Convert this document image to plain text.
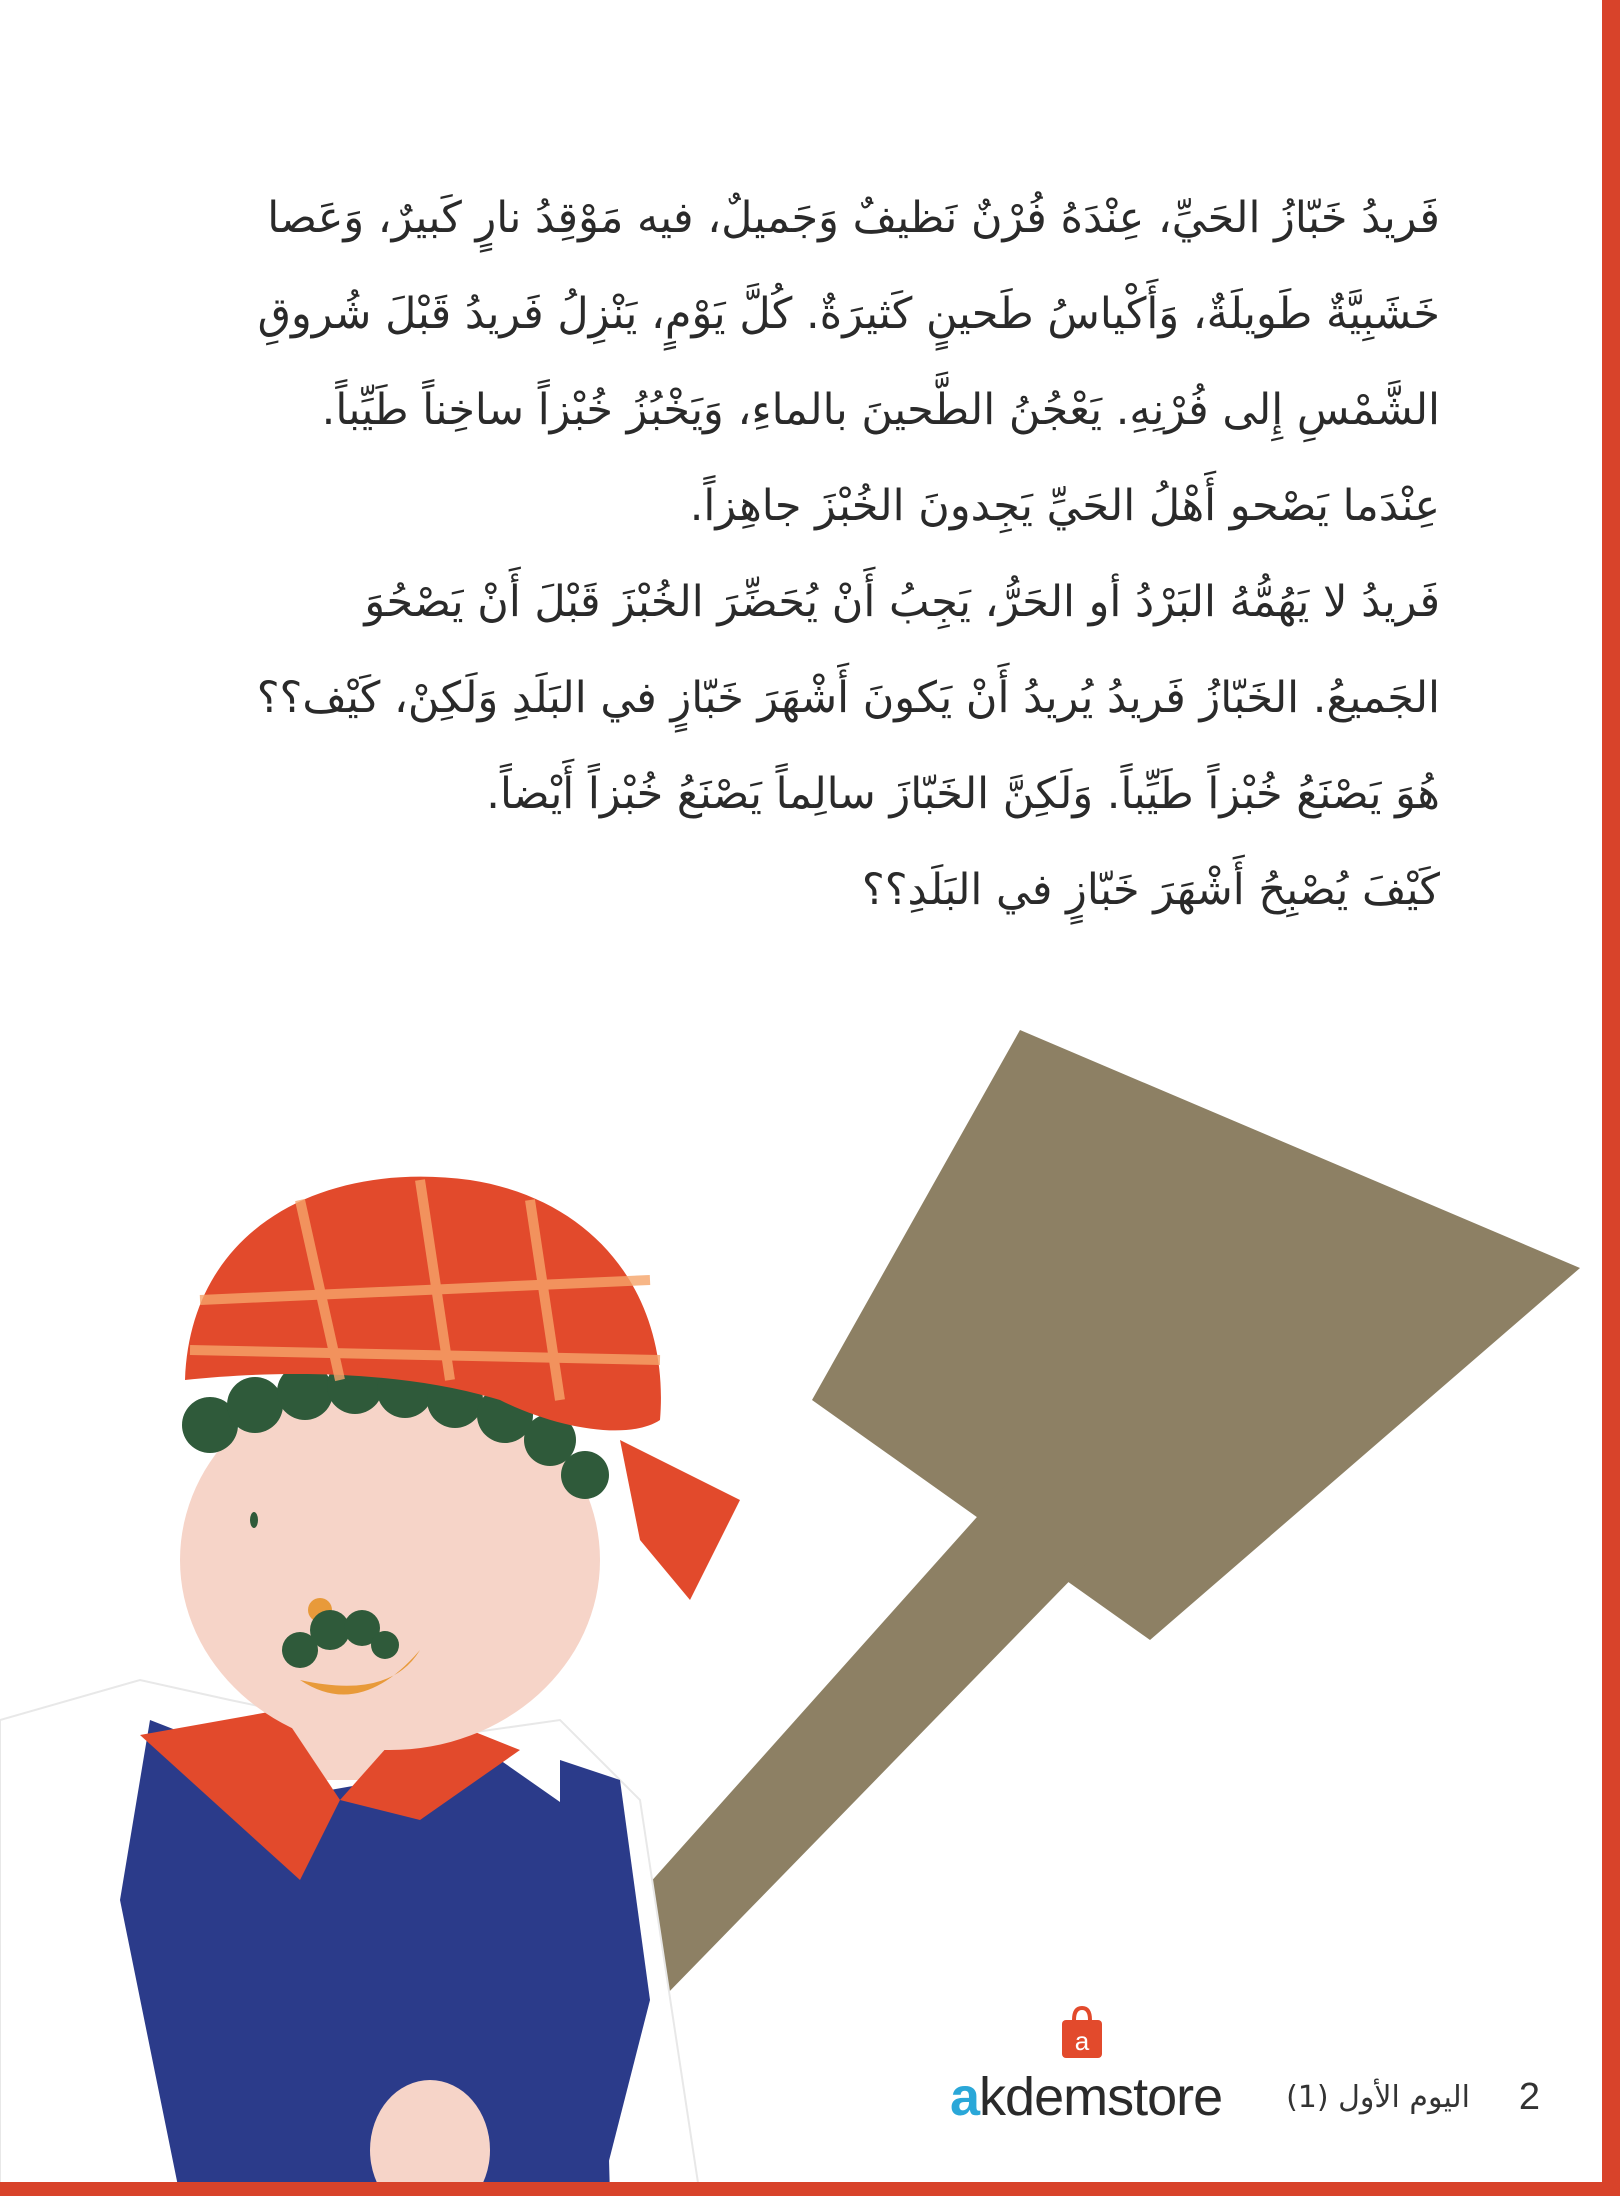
فَريدُ خَبّازُ الحَيِّ، عِنْدَهُ فُرْنٌ نَظيفٌ وَجَميلٌ، فيه مَوْقِدُ نارٍ كَبيرٌ، وَعَصا

خَشَبِيَّةٌ طَويلَةٌ، وَأَكْياسُ طَحينٍ كَثيرَةٌ. كُلَّ يَوْمٍ، يَنْزِلُ فَريدُ قَبْلَ شُروقِ

الشَّمْسِ إِلى فُرْنِهِ. يَعْجُنُ الطَّحينَ بالماءِ، وَيَخْبُزُ خُبْزاً ساخِناً طَيِّباً.

عِنْدَما يَصْحو أَهْلُ الحَيِّ يَجِدونَ الخُبْزَ جاهِزاً.

فَريدُ لا يَهُمُّهُ البَرْدُ أو الحَرُّ، يَجِبُ أَنْ يُحَضِّرَ الخُبْزَ قَبْلَ أَنْ يَصْحُوَ

الجَميعُ. الخَبّازُ فَريدُ يُريدُ أَنْ يَكونَ أَشْهَرَ خَبّازٍ في البَلَدِ وَلَكِنْ، كَيْف؟؟

هُوَ يَصْنَعُ خُبْزاً طَيِّباً. وَلَكِنَّ الخَبّازَ سالِماً يَصْنَعُ خُبْزاً أَيْضاً.

كَيْفَ يُصْبِحُ أَشْهَرَ خَبّازٍ في البَلَدِ؟؟

akdemstore
a
اليوم الأول (1) 2
